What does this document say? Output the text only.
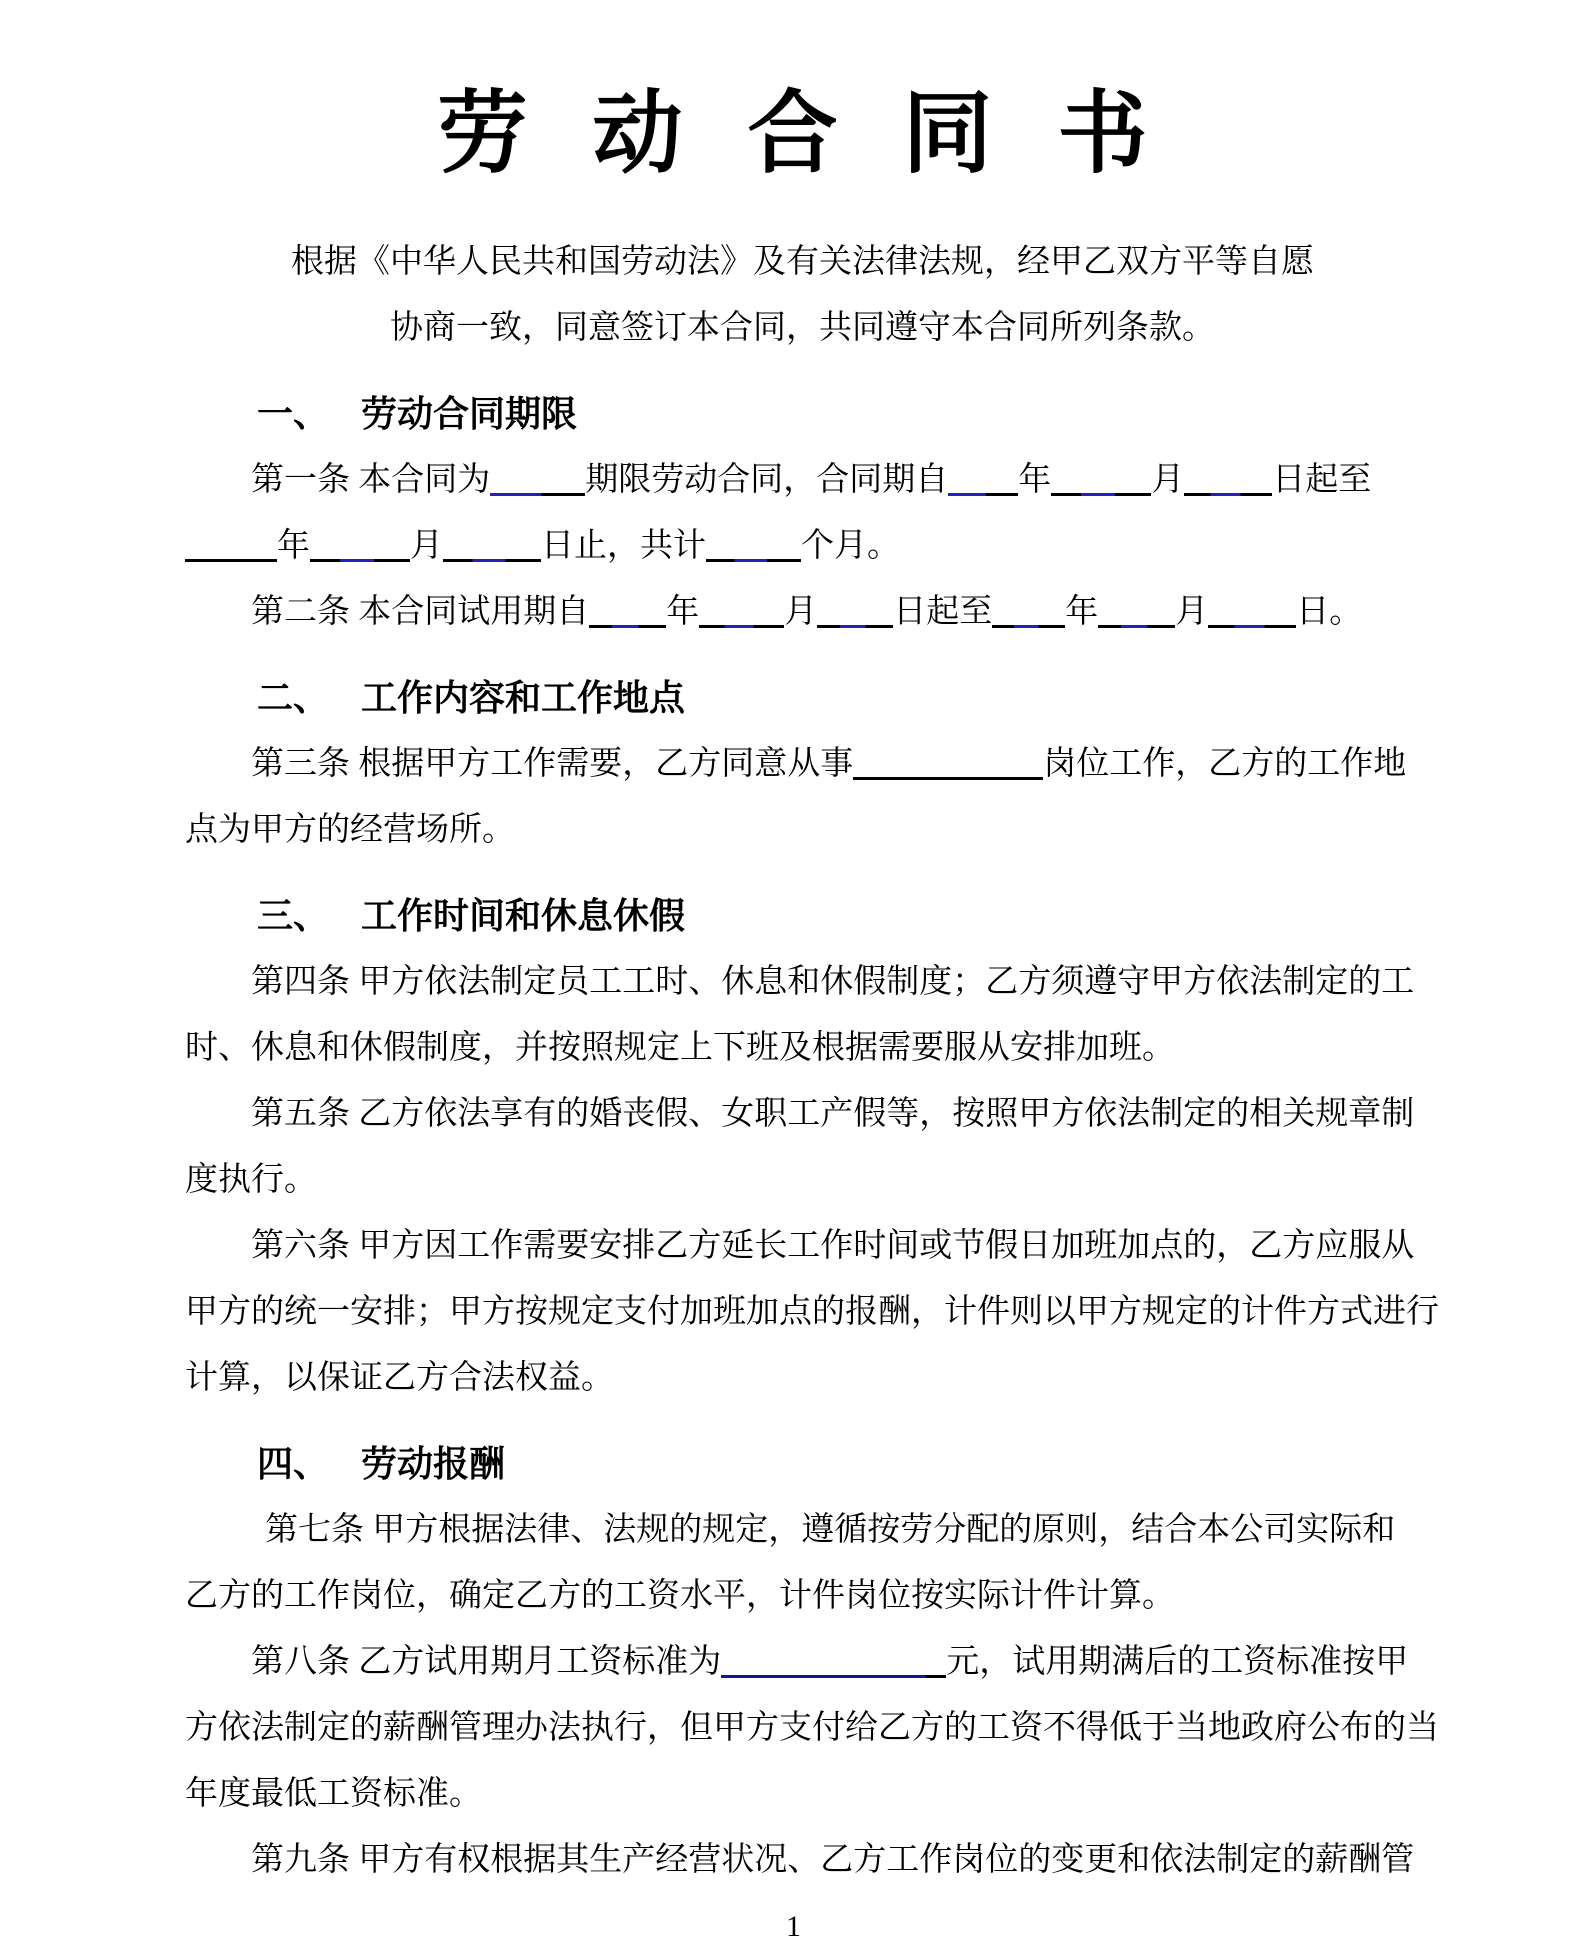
劳 动 合 同 书

根据《中华人民共和国劳动法》及有关法律法规，经甲乙双方平等自愿协商一致，同意签订本合同，共同遵守本合同所列条款。

一、 劳动合同期限
第一条 本合同为	期限劳动合同，合同期自 年	月	日起至
年	月	日止，共计	个月。
第二条 本合同试用期自 年	月 日起至 年 月	日。
二、 工作内容和工作地点
第三条 根据甲方工作需要，乙方同意从事	岗位工作，乙方的工作地
点为甲方的经营场所。
三、 工作时间和休息休假
第四条 甲方依法制定员工工时、休息和休假制度；乙方须遵守甲方依法制定的工
时、休息和休假制度，并按照规定上下班及根据需要服从安排加班。
第五条 乙方依法享有的婚丧假、女职工产假等，按照甲方依法制定的相关规章制
度执行。
第六条 甲方因工作需要安排乙方延长工作时间或节假日加班加点的，乙方应服从
甲方的统一安排；甲方按规定支付加班加点的报酬，计件则以甲方规定的计件方式进行
计算，以保证乙方合法权益。
四、 劳动报酬
第七条 甲方根据法律、法规的规定，遵循按劳分配的原则，结合本公司实际和
乙方的工作岗位，确定乙方的工资水平，计件岗位按实际计件计算。
第八条 乙方试用期月工资标准为	元，试用期满后的工资标准按甲
方依法制定的薪酬管理办法执行，但甲方支付给乙方的工资不得低于当地政府公布的当
年度最低工资标准。
第九条 甲方有权根据其生产经营状况、乙方工作岗位的变更和依法制定的薪酬管
1
